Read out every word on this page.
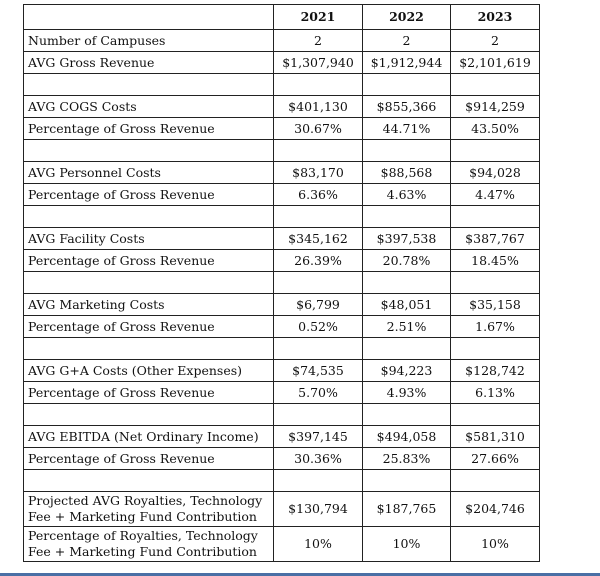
	2021	2022	2023
Number of Campuses	2	2	2
AVG Gross Revenue	$1,307,940	$1,912,944	$2,101,619

AVG COGS Costs	$401,130	$855,366	$914,259
Percentage of Gross Revenue	30.67%	44.71%	43.50%

AVG Personnel Costs	$83,170	$88,568	$94,028
Percentage of Gross Revenue	6.36%	4.63%	4.47%

AVG Facility Costs	$345,162	$397,538	$387,767
Percentage of Gross Revenue	26.39%	20.78%	18.45%

AVG Marketing Costs	$6,799	$48,051	$35,158
Percentage of Gross Revenue	0.52%	2.51%	1.67%

AVG G+A Costs (Other Expenses)	$74,535	$94,223	$128,742
Percentage of Gross Revenue	5.70%	4.93%	6.13%

AVG EBITDA (Net Ordinary Income)	$397,145	$494,058	$581,310
Percentage of Gross Revenue	30.36%	25.83%	27.66%

Projected AVG Royalties, Technology Fee + Marketing Fund Contribution	$130,794	$187,765	$204,746
Percentage of Royalties, Technology Fee + Marketing Fund Contribution	10%	10%	10%
